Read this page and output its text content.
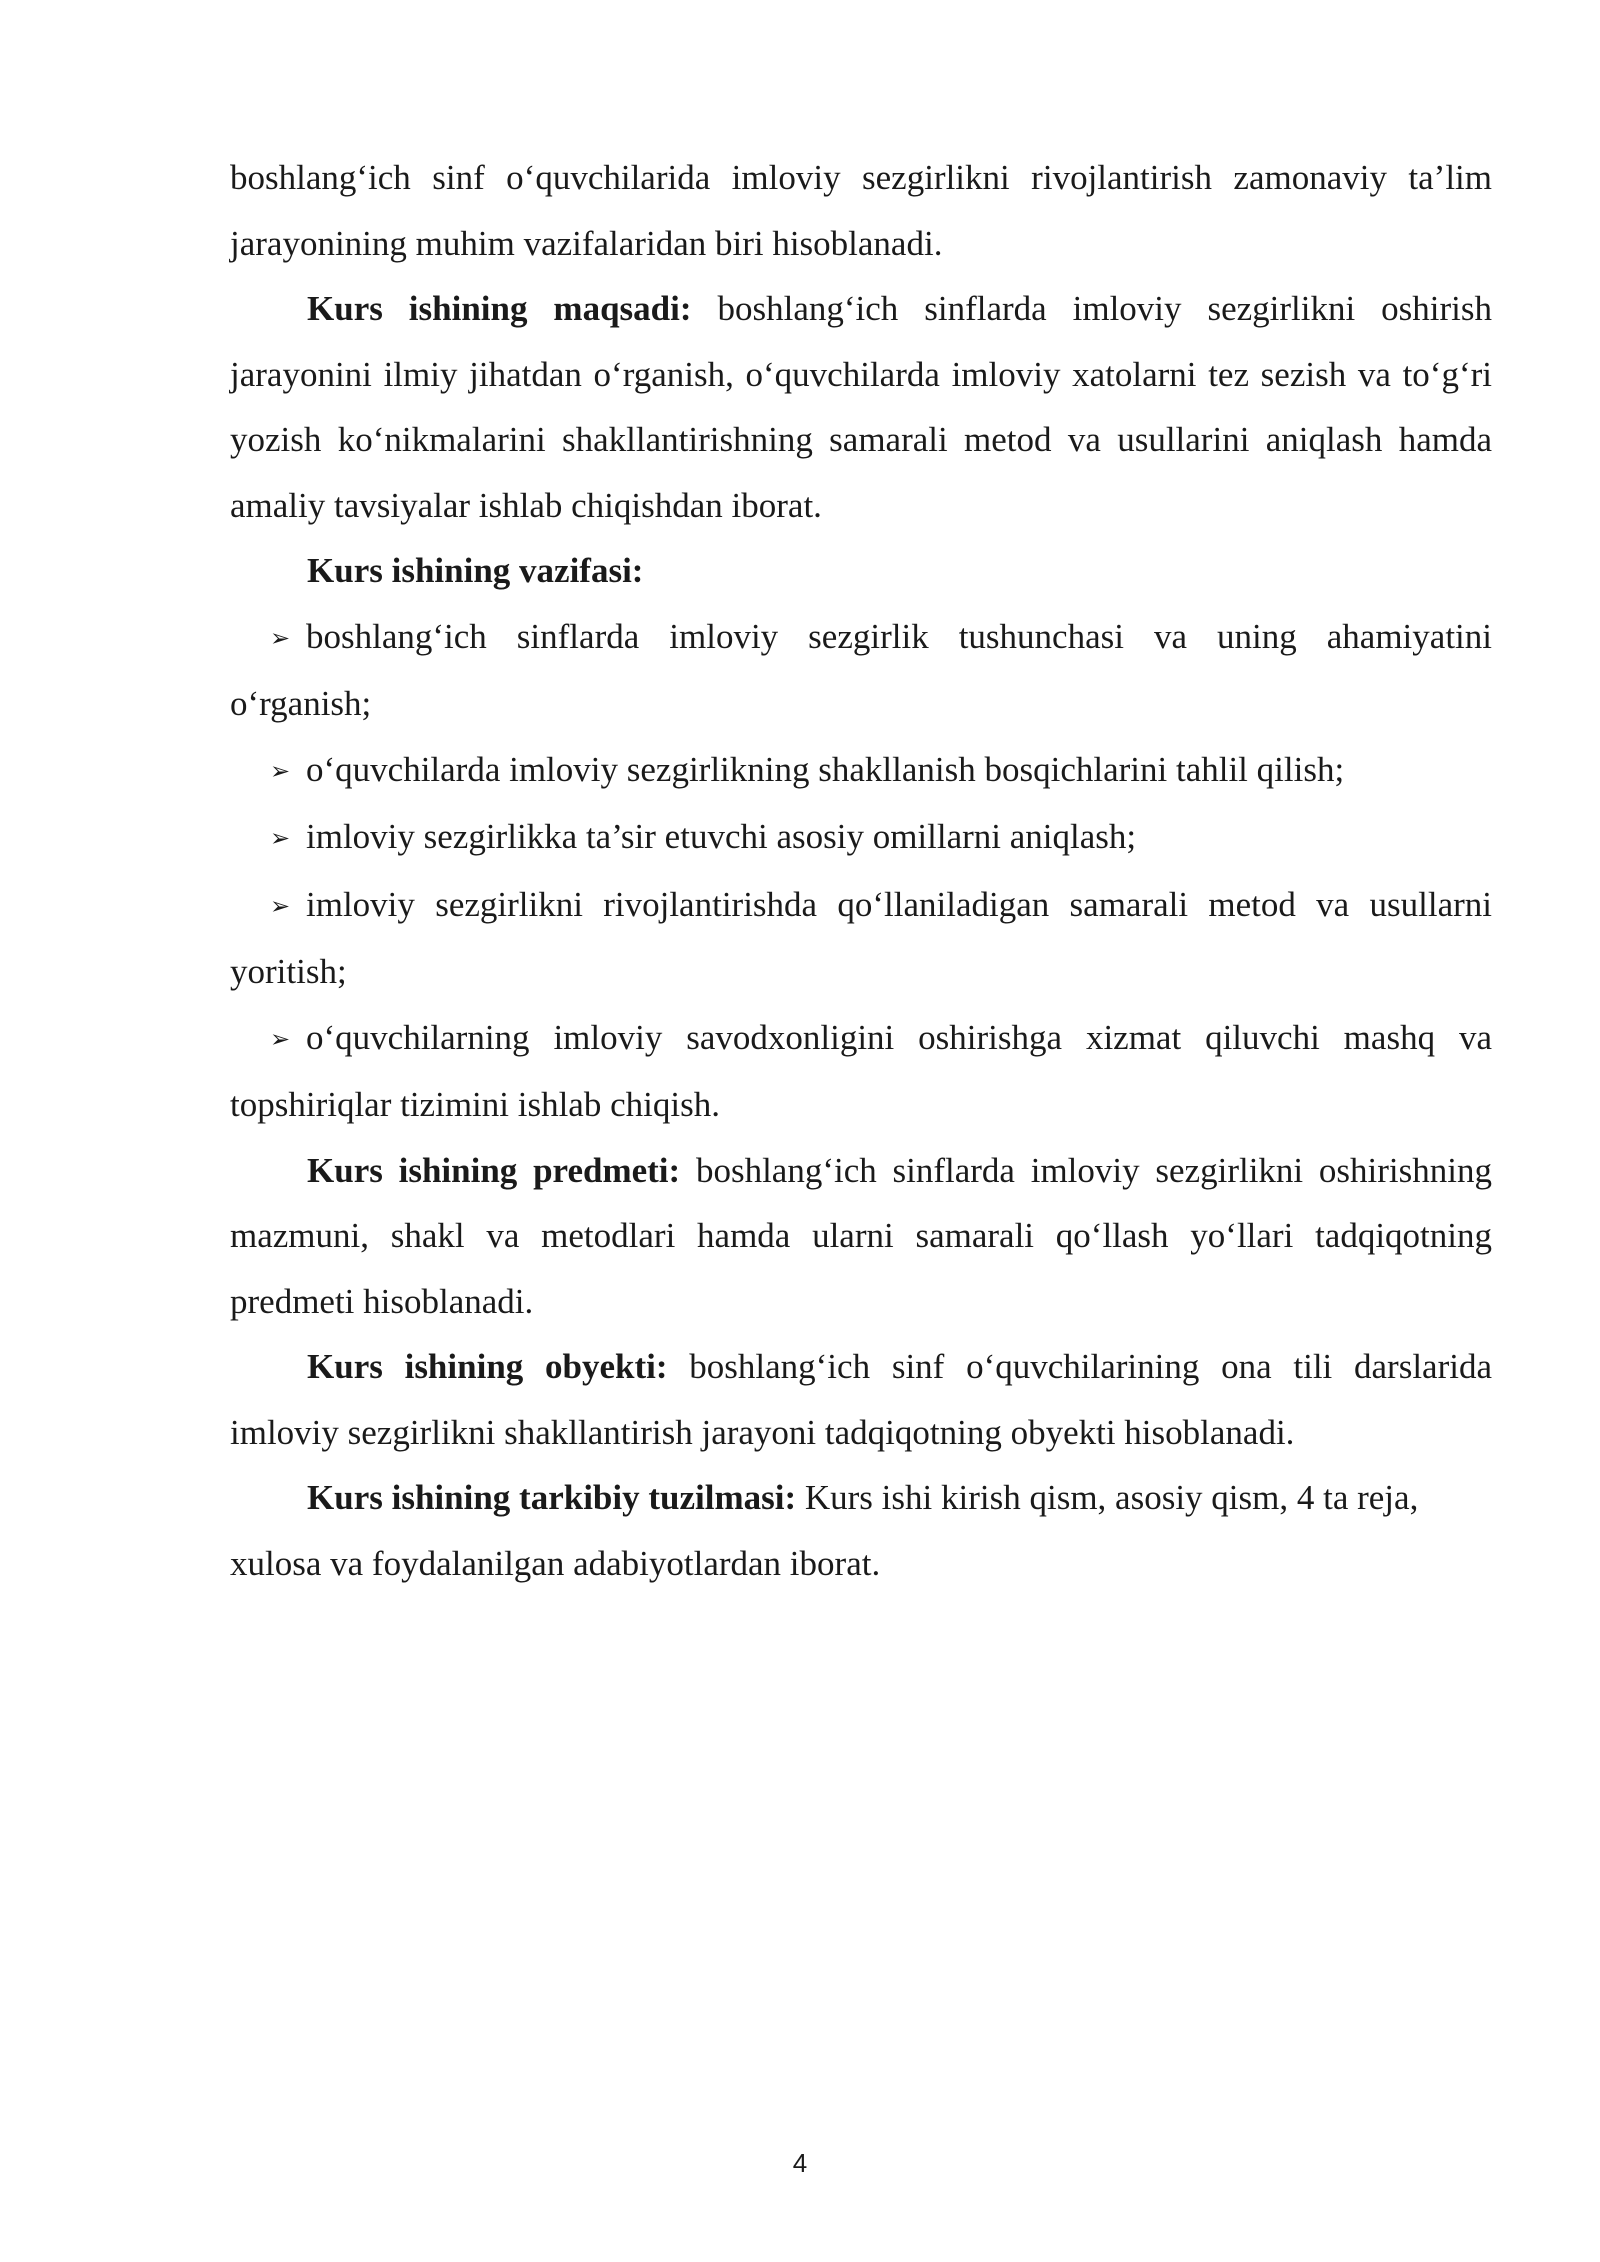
boshlang‘ich sinf o‘quvchilarida imloviy sezgirlikni rivojlantirish zamonaviy ta’lim jarayonining muhim vazifalaridan biri hisoblanadi.

Kurs ishining maqsadi: boshlang‘ich sinflarda imloviy sezgirlikni oshirish jarayonini ilmiy jihatdan o‘rganish, o‘quvchilarda imloviy xatolarni tez sezish va to‘g‘ri yozish ko‘nikmalarini shakllantirishning samarali metod va usullarini aniqlash hamda amaliy tavsiyalar ishlab chiqishdan iborat.

Kurs ishining vazifasi:

➢ boshlang‘ich sinflarda imloviy sezgirlik tushunchasi va uning ahamiyatini o‘rganish;

➢ o‘quvchilarda imloviy sezgirlikning shakllanish bosqichlarini tahlil qilish;

➢ imloviy sezgirlikka ta’sir etuvchi asosiy omillarni aniqlash;

➢ imloviy sezgirlikni rivojlantirishda qo‘llaniladigan samarali metod va usullarni yoritish;

➢ o‘quvchilarning imloviy savodxonligini oshirishga xizmat qiluvchi mashq va topshiriqlar tizimini ishlab chiqish.

Kurs ishining predmeti: boshlang‘ich sinflarda imloviy sezgirlikni oshirishning mazmuni, shakl va metodlari hamda ularni samarali qo‘llash yo‘llari tadqiqotning predmeti hisoblanadi.

Kurs ishining obyekti: boshlang‘ich sinf o‘quvchilarining ona tili darslarida imloviy sezgirlikni shakllantirish jarayoni tadqiqotning obyekti hisoblanadi.

Kurs ishining tarkibiy tuzilmasi: Kurs ishi kirish qism, asosiy qism, 4 ta reja, xulosa va foydalanilgan adabiyotlardan iborat.

4
